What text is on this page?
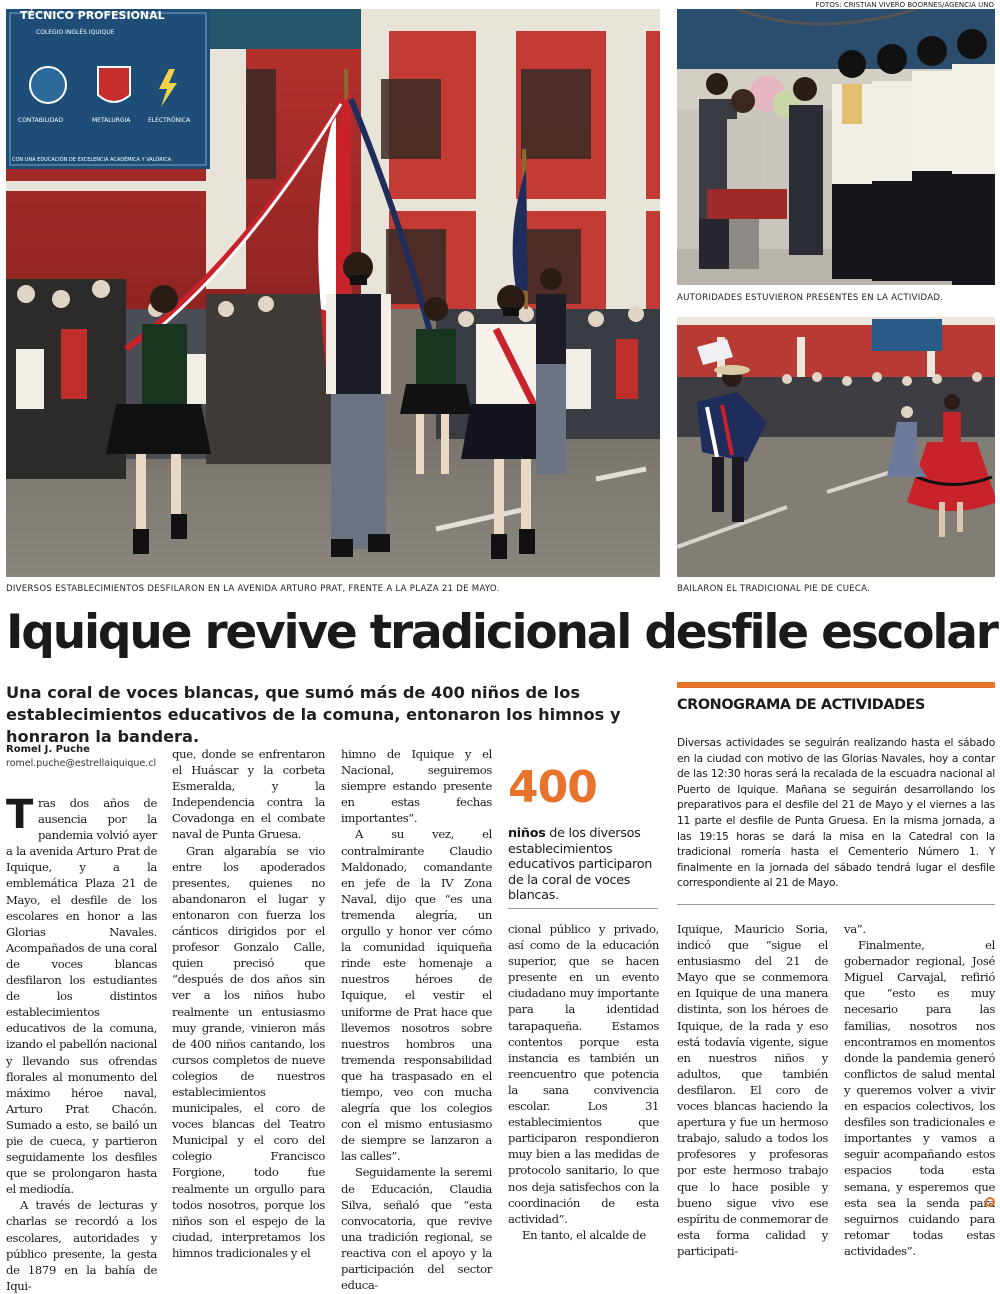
FOTOS: CRISTIAN VIVERO BOORNES/AGENCIA UNO
TÉCNICO PROFESIONAL
COLEGIO INGLÉS IQUIQUE
CONTABILIDAD	METALURGIA	ELECTRÓNICA
CON UNA EDUCACIÓN DE EXCELENCIA ACADÉMICA Y VALÓRICA
DIVERSOS ESTABLECIMIENTOS DESFILARON EN LA AVENIDA ARTURO PRAT, FRENTE A LA PLAZA 21 DE MAYO.
AUTORIDADES ESTUVIERON PRESENTES EN LA ACTIVIDAD.
BAILARON EL TRADICIONAL PIE DE CUECA.
Iquique revive tradicional desfile escolar

Una coral de voces blancas, que sumó más de 400 niños de los establecimientos educativos de la comuna, entonaron los himnos y honraron la bandera.

CRONOGRAMA DE ACTIVIDADES

Diversas actividades se seguirán realizando hasta el sábado en la ciudad con motivo de las Glorias Navales, hoy a contar de las 12:30 horas será la recalada de la escuadra nacional al Puerto de Iquique. Mañana se seguirán desarrollando los preparativos para el desfile del 21 de Mayo y el viernes a las 11 parte el desfile de Punta Gruesa. En la misma jornada, a las 19:15 horas se dará la misa en la Catedral con la tradicional romería hasta el Cementerio Número 1. Y finalmente en la jornada del sábado tendrá lugar el desfile correspondiente al 21 de Mayo.

Romel J. Puche
romel.puche@estrellaiquique.cl

Tras dos años de ausencia por la pandemia volvió ayer a la avenida Arturo Prat de Iquique, y a la emblemática Plaza 21 de Mayo, el desfile de los escolares en honor a las Glorias Navales. Acompañados de una coral de voces blancas desfilaron los estudiantes de los distintos establecimientos educativos de la comuna, izando el pabellón nacional y llevando sus ofrendas florales al monumento del máximo héroe naval, Arturo Prat Chacón. Sumado a esto, se bailó un pie de cueca, y partieron seguidamente los desfiles que se prolongaron hasta el mediodía.

A través de lecturas y charlas se recordó a los escolares, autoridades y público presente, la gesta de 1879 en la bahía de Iqui-

que, donde se enfrentaron el Huáscar y la corbeta Esmeralda, y la Independencia contra la Covadonga en el combate naval de Punta Gruesa.

Gran algarabía se vio entre los apoderados presentes, quienes no abandonaron el lugar y entonaron con fuerza los cánticos dirigidos por el profesor Gonzalo Calle, quien precisó que “después de dos años sin ver a los niños hubo realmente un entusiasmo muy grande, vinieron más de 400 niños cantando, los cursos completos de nueve colegios de nuestros establecimientos municipales, el coro de voces blancas del Teatro Municipal y el coro del colegio Francisco Forgione, todo fue realmente un orgullo para todos nosotros, porque los niños son el espejo de la ciudad, interpretamos los himnos tradicionales y el

himno de Iquique y el Nacional, seguiremos siempre estando presente en estas fechas importantes”.

A su vez, el contralmirante Claudio Maldonado, comandante en jefe de la IV Zona Naval, dijo que “es una tremenda alegría, un orgullo y honor ver cómo la comunidad iquiqueña rinde este homenaje a nuestros héroes de Iquique, el vestir el uniforme de Prat hace que llevemos nosotros sobre nuestros hombros una tremenda responsabilidad que ha traspasado en el tiempo, veo con mucha alegría que los colegios con el mismo entusiasmo de siempre se lanzaron a las calles”.

Seguidamente la seremi de Educación, Claudia Silva, señaló que “esta convocatoria, que revive una tradición regional, se reactiva con el apoyo y la participación del sector educa-

400

niños de los diversos establecimientos educativos participaron de la coral de voces blancas.

cional público y privado, así como de la educación superior, que se hacen presente en un evento ciudadano muy importante para la identidad tarapaqueña. Estamos contentos porque esta instancia es también un reencuentro que potencia la sana convivencia escolar. Los 31 establecimientos que participaron respondieron muy bien a las medidas de protocolo sanitario, lo que nos deja satisfechos con la coordinación de esta actividad”.

En tanto, el alcalde de

Iquique, Mauricio Soria, indicó que “sigue el entusiasmo del 21 de Mayo que se conmemora en Iquique de una manera distinta, son los héroes de Iquique, de la rada y eso está todavía vigente, sigue en nuestros niños y adultos, que también desfilaron. El coro de voces blancas haciendo la apertura y fue un hermoso trabajo, saludo a todos los profesores y profesoras por este hermoso trabajo que lo hace posible y bueno sigue vivo ese espíritu de conmemorar de esta forma calidad y participati-

va”.

Finalmente, el gobernador regional, José Miguel Carvajal, refirió que “esto es muy necesario para las familias, nosotros nos encontramos en momentos donde la pandemia generó conflictos de salud mental y queremos volver a vivir en espacios colectivos, los desfiles son tradicionales e importantes y vamos a seguir acompañando estos espacios toda esta semana, y esperemos que esta sea la senda para seguirnos cuidando para retomar todas estas actividades”.
